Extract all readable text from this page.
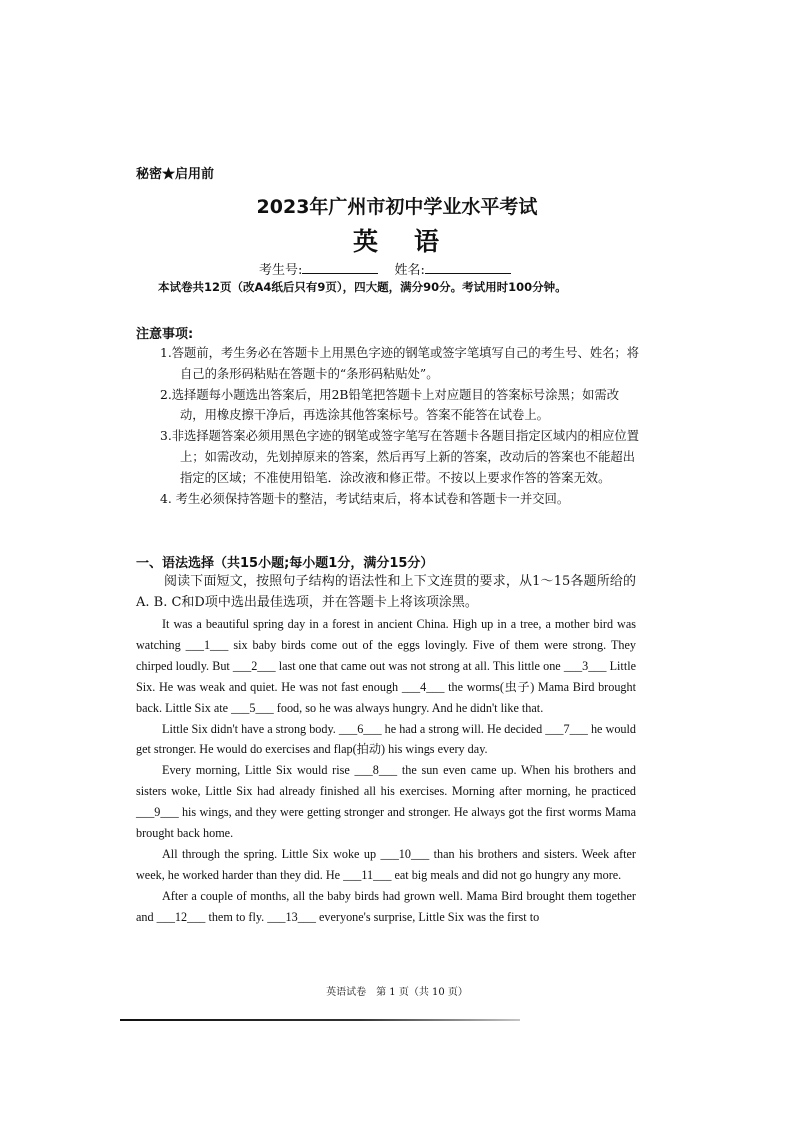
秘密★启用前
2023年广州市初中学业水平考试
英 语
考生号:	姓名:
本试卷共12页（改A4纸后只有9页），四大题，满分90分。考试用时100分钟。
注意事项:
1.答题前，考生务必在答题卡上用黑色字迹的钢笔或签字笔填写自己的考生号、姓名；将自己的条形码粘贴在答题卡的“条形码粘贴处”。
2.选择题每小题选出答案后，用2B铅笔把答题卡上对应题目的答案标号涂黑；如需改动，用橡皮擦干净后，再选涂其他答案标号。答案不能答在试卷上。
3.非选择题答案必须用黑色字迹的钢笔或签字笔写在答题卡各题目指定区域内的相应位置上；如需改动，先划掉原来的答案，然后再写上新的答案，改动后的答案也不能超出指定的区域；不准使用铅笔．涂改液和修正带。不按以上要求作答的答案无效。
4. 考生必须保持答题卡的整洁，考试结束后，将本试卷和答题卡一并交回。
一、语法选择（共15小题;每小题1分，满分15分）
阅读下面短文，按照句子结构的语法性和上下文连贯的要求，从1～15各题所给的A. B. C和D项中选出最佳选项，并在答题卡上将该项涂黑。

It was a beautiful spring day in a forest in ancient China. High up in a tree, a mother bird was watching ___1___ six baby birds come out of the eggs lovingly. Five of them were strong. They chirped loudly. But ___2___ last one that came out was not strong at all. This little one ___3___ Little Six. He was weak and quiet. He was not fast enough ___4___ the worms(虫子) Mama Bird brought back. Little Six ate ___5___ food, so he was always hungry. And he didn't like that.

Little Six didn't have a strong body. ___6___ he had a strong will. He decided ___7___ he would get stronger. He would do exercises and flap(拍动) his wings every day.

Every morning, Little Six would rise ___8___ the sun even came up. When his brothers and sisters woke, Little Six had already finished all his exercises. Morning after morning, he practiced ___9___ his wings, and they were getting stronger and stronger. He always got the first worms Mama brought back home.

All through the spring. Little Six woke up ___10___ than his brothers and sisters. Week after week, he worked harder than they did. He ___11___ eat big meals and did not go hungry any more.

After a couple of months, all the baby birds had grown well. Mama Bird brought them together and ___12___ them to fly. ___13___ everyone's surprise, Little Six was the first to

英语试卷　第 1 页（共 10 页）
